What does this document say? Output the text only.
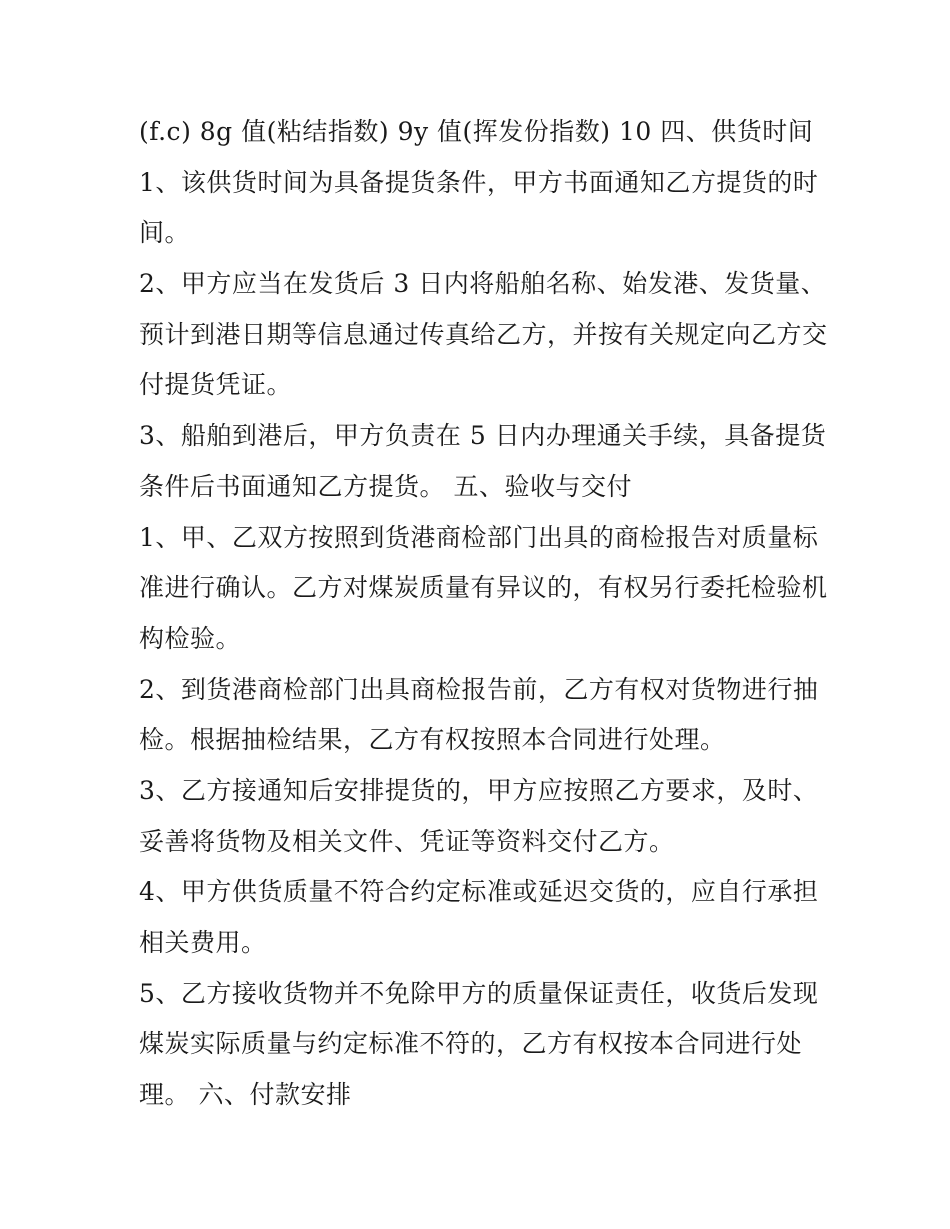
(f.c) 8g 值(粘结指数) 9y 值(挥发份指数) 10 四、供货时间
1、该供货时间为具备提货条件，甲方书面通知乙方提货的时
间。
2、甲方应当在发货后 3 日内将船舶名称、始发港、发货量、
预计到港日期等信息通过传真给乙方，并按有关规定向乙方交
付提货凭证。
3、船舶到港后，甲方负责在 5 日内办理通关手续，具备提货
条件后书面通知乙方提货。 五、验收与交付
1、甲、乙双方按照到货港商检部门出具的商检报告对质量标
准进行确认。乙方对煤炭质量有异议的，有权另行委托检验机
构检验。
2、到货港商检部门出具商检报告前，乙方有权对货物进行抽
检。根据抽检结果，乙方有权按照本合同进行处理。
3、乙方接通知后安排提货的，甲方应按照乙方要求，及时、
妥善将货物及相关文件、凭证等资料交付乙方。
4、甲方供货质量不符合约定标准或延迟交货的，应自行承担
相关费用。
5、乙方接收货物并不免除甲方的质量保证责任，收货后发现
煤炭实际质量与约定标准不符的，乙方有权按本合同进行处
理。 六、付款安排
